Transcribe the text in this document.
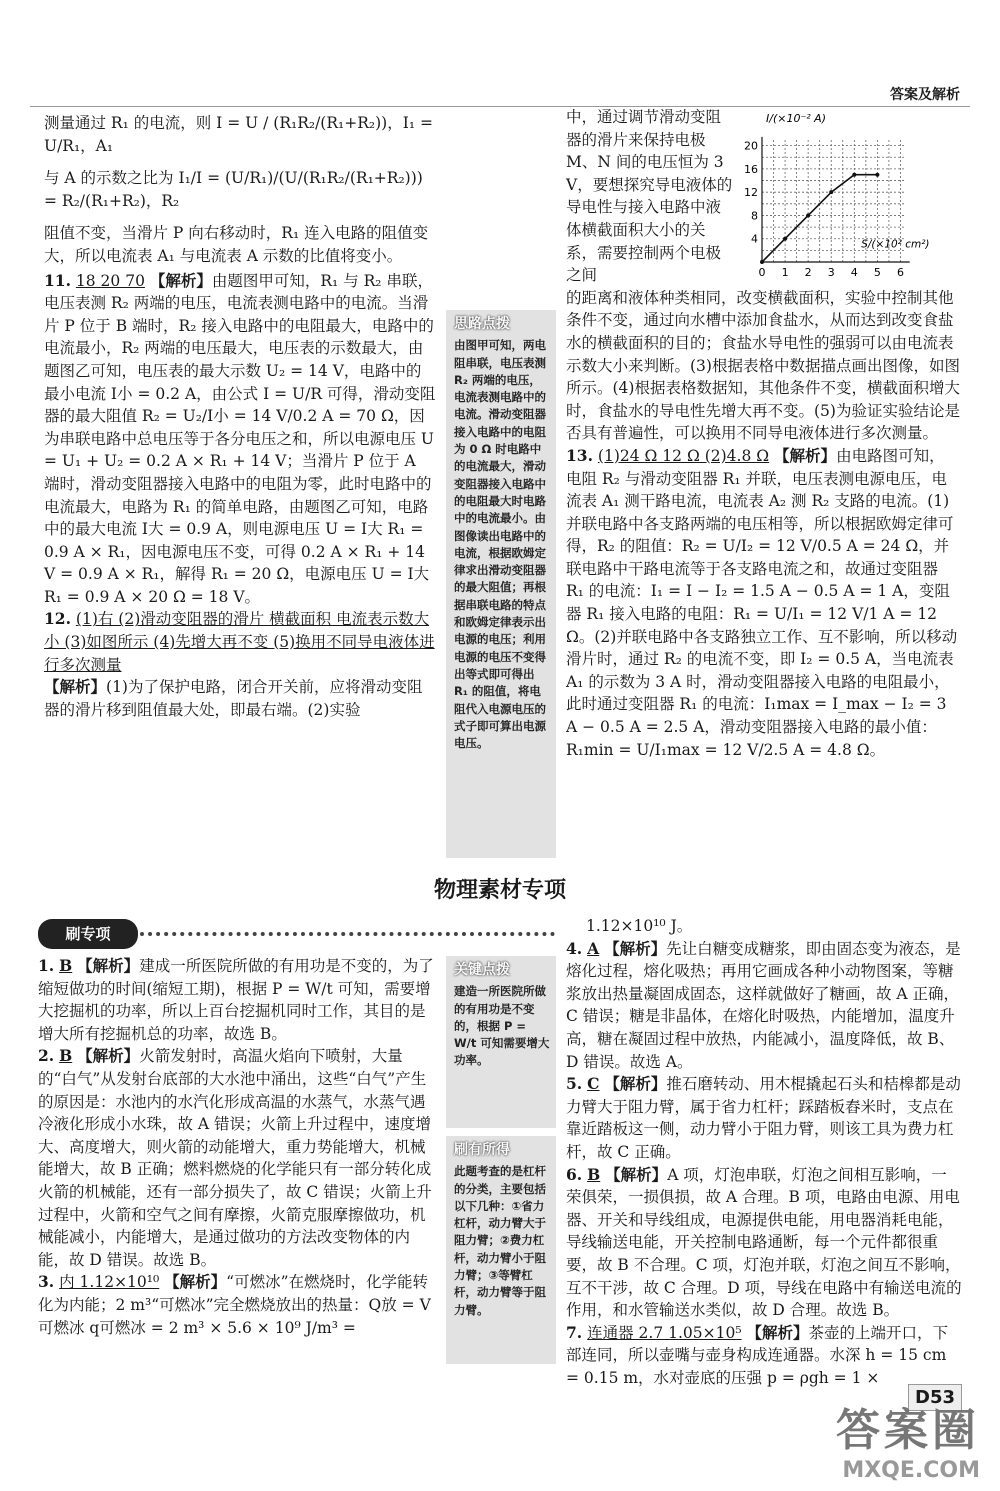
答案及解析

测量通过 R₁ 的电流，则 I = U / (R₁R₂/(R₁+R₂))，I₁ = U/R₁，A₁

与 A 的示数之比为 I₁/I = (U/R₁)/(U/(R₁R₂/(R₁+R₂))) = R₂/(R₁+R₂)，R₂

阻值不变，当滑片 P 向右移动时，R₁ 连入电路的阻值变大，所以电流表 A₁ 与电流表 A 示数的比值将变小。

11. 18 20 70 【解析】由题图甲可知，R₁ 与 R₂ 串联，电压表测 R₂ 两端的电压，电流表测电路中的电流。当滑片 P 位于 B 端时，R₂ 接入电路中的电阻最大，电路中的电流最小，R₂ 两端的电压最大，电压表的示数最大，由题图乙可知，电压表的最大示数 U₂ = 14 V，电路中的最小电流 I小 = 0.2 A，由公式 I = U/R 可得，滑动变阻器的最大阻值 R₂ = U₂/I小 = 14 V/0.2 A = 70 Ω，因为串联电路中总电压等于各分电压之和，所以电源电压 U = U₁ + U₂ = 0.2 A × R₁ + 14 V；当滑片 P 位于 A 端时，滑动变阻器接入电路中的电阻为零，此时电路中的电流最大，电路为 R₁ 的简单电路，由题图乙可知，电路中的最大电流 I大 = 0.9 A，则电源电压 U = I大 R₁ = 0.9 A × R₁，因电源电压不变，可得 0.2 A × R₁ + 14 V = 0.9 A × R₁，解得 R₁ = 20 Ω，电源电压 U = I大 R₁ = 0.9 A × 20 Ω = 18 V。

12. (1)右 (2)滑动变阻器的滑片 横截面积 电流表示数大小 (3)如图所示 (4)先增大再不变 (5)换用不同导电液体进行多次测量
【解析】(1)为了保护电路，闭合开关前，应将滑动变阻器的滑片移到阻值最大处，即最右端。(2)实验

思路点拨

由图甲可知，两电阻串联，电压表测 R₂ 两端的电压，电流表测电路中的电流。滑动变阻器接入电路中的电阻为 0 Ω 时电路中的电流最大，滑动变阻器接入电路中的电阻最大时电路中的电流最小。由图像读出电路中的电流，根据欧姆定律求出滑动变阻器的最大阻值；再根据串联电路的特点和欧姆定律表示出电源的电压；利用电源的电压不变得出等式即可得出 R₁ 的阻值，将电阻代入电源电压的式子即可算出电源电压。

中，通过调节滑动变阻器的滑片来保持电极 M、N 间的电压恒为 3 V，要想探究导电液体的导电性与接入电路中液体横截面积大小的关系，需要控制两个电极之间

的距离和液体种类相同，改变横截面积，实验中控制其他条件不变，通过向水槽中添加食盐水，从而达到改变食盐水的横截面积的目的；食盐水导电性的强弱可以由电流表示数大小来判断。(3)根据表格中数据描点画出图像，如图所示。(4)根据表格数据知，其他条件不变，横截面积增大时，食盐水的导电性先增大再不变。(5)为验证实验结论是否具有普遍性，可以换用不同导电液体进行多次测量。

13. (1)24 Ω 12 Ω (2)4.8 Ω 【解析】由电路图可知，电阻 R₂ 与滑动变阻器 R₁ 并联，电压表测电源电压，电流表 A₁ 测干路电流，电流表 A₂ 测 R₂ 支路的电流。(1)并联电路中各支路两端的电压相等，所以根据欧姆定律可得，R₂ 的阻值：R₂ = U/I₂ = 12 V/0.5 A = 24 Ω，并联电路中干路电流等于各支路电流之和，故通过变阻器 R₁ 的电流：I₁ = I − I₂ = 1.5 A − 0.5 A = 1 A，变阻器 R₁ 接入电路的电阻：R₁ = U/I₁ = 12 V/1 A = 12 Ω。(2)并联电路中各支路独立工作、互不影响，所以移动滑片时，通过 R₂ 的电流不变，即 I₂ = 0.5 A，当电流表 A₁ 的示数为 3 A 时，滑动变阻器接入电路的电阻最小，此时通过变阻器 R₁ 的电流：I₁max = I_max − I₂ = 3 A − 0.5 A = 2.5 A，滑动变阻器接入电路的最小值：R₁min = U/I₁max = 12 V/2.5 A = 4.8 Ω。

0 1 2 3 4 5 6
4
8
12
16
20
I/(×10⁻² A)
S/(×10² cm²)
物理素材专项
刷专项

1. B 【解析】建成一所医院所做的有用功是不变的，为了缩短做功的时间(缩短工期)，根据 P = W/t 可知，需要增大挖掘机的功率，所以上百台挖掘机同时工作，其目的是增大所有挖掘机总的功率，故选 B。

2. B 【解析】火箭发射时，高温火焰向下喷射，大量的“白气”从发射台底部的大水池中涌出，这些“白气”产生的原因是：水池内的水汽化形成高温的水蒸气，水蒸气遇冷液化形成小水珠，故 A 错误；火箭上升过程中，速度增大、高度增大，则火箭的动能增大，重力势能增大，机械能增大，故 B 正确；燃料燃烧的化学能只有一部分转化成火箭的机械能，还有一部分损失了，故 C 错误；火箭上升过程中，火箭和空气之间有摩擦，火箭克服摩擦做功，机械能减小，内能增大，是通过做功的方法改变物体的内能，故 D 错误。故选 B。

3. 内 1.12×10¹⁰ 【解析】“可燃冰”在燃烧时，化学能转化为内能；2 m³“可燃冰”完全燃烧放出的热量：Q放 = V可燃冰 q可燃冰 = 2 m³ × 5.6 × 10⁹ J/m³ =

关键点拨

建造一所医院所做的有用功是不变的，根据 P = W/t 可知需要增大功率。

刷有所得

此题考查的是杠杆的分类，主要包括以下几种：①省力杠杆，动力臂大于阻力臂；②费力杠杆，动力臂小于阻力臂；③等臂杠杆，动力臂等于阻力臂。

1.12×10¹⁰ J。

4. A 【解析】先让白糖变成糖浆，即由固态变为液态，是熔化过程，熔化吸热；再用它画成各种小动物图案，等糖浆放出热量凝固成固态，这样就做好了糖画，故 A 正确，C 错误；糖是非晶体，在熔化时吸热，内能增加，温度升高，糖在凝固过程中放热，内能减小，温度降低，故 B、D 错误。故选 A。

5. C 【解析】推石磨转动、用木棍撬起石头和桔槔都是动力臂大于阻力臂，属于省力杠杆；踩踏板舂米时，支点在靠近踏板这一侧，动力臂小于阻力臂，则该工具为费力杠杆，故 C 正确。

6. B 【解析】A 项，灯泡串联，灯泡之间相互影响，一荣俱荣，一损俱损，故 A 合理。B 项，电路由电源、用电器、开关和导线组成，电源提供电能，用电器消耗电能，导线输送电能，开关控制电路通断，每一个元件都很重要，故 B 不合理。C 项，灯泡并联，灯泡之间互不影响，互不干涉，故 C 合理。D 项，导线在电路中有输送电流的作用，和水管输送水类似，故 D 合理。故选 B。

7. 连通器 2.7 1.05×10⁵ 【解析】茶壶的上端开口，下部连同，所以壶嘴与壶身构成连通器。水深 h = 15 cm = 0.15 m，水对壶底的压强 p = ρgh = 1 ×

D53
答案圈
MXQE.COM
